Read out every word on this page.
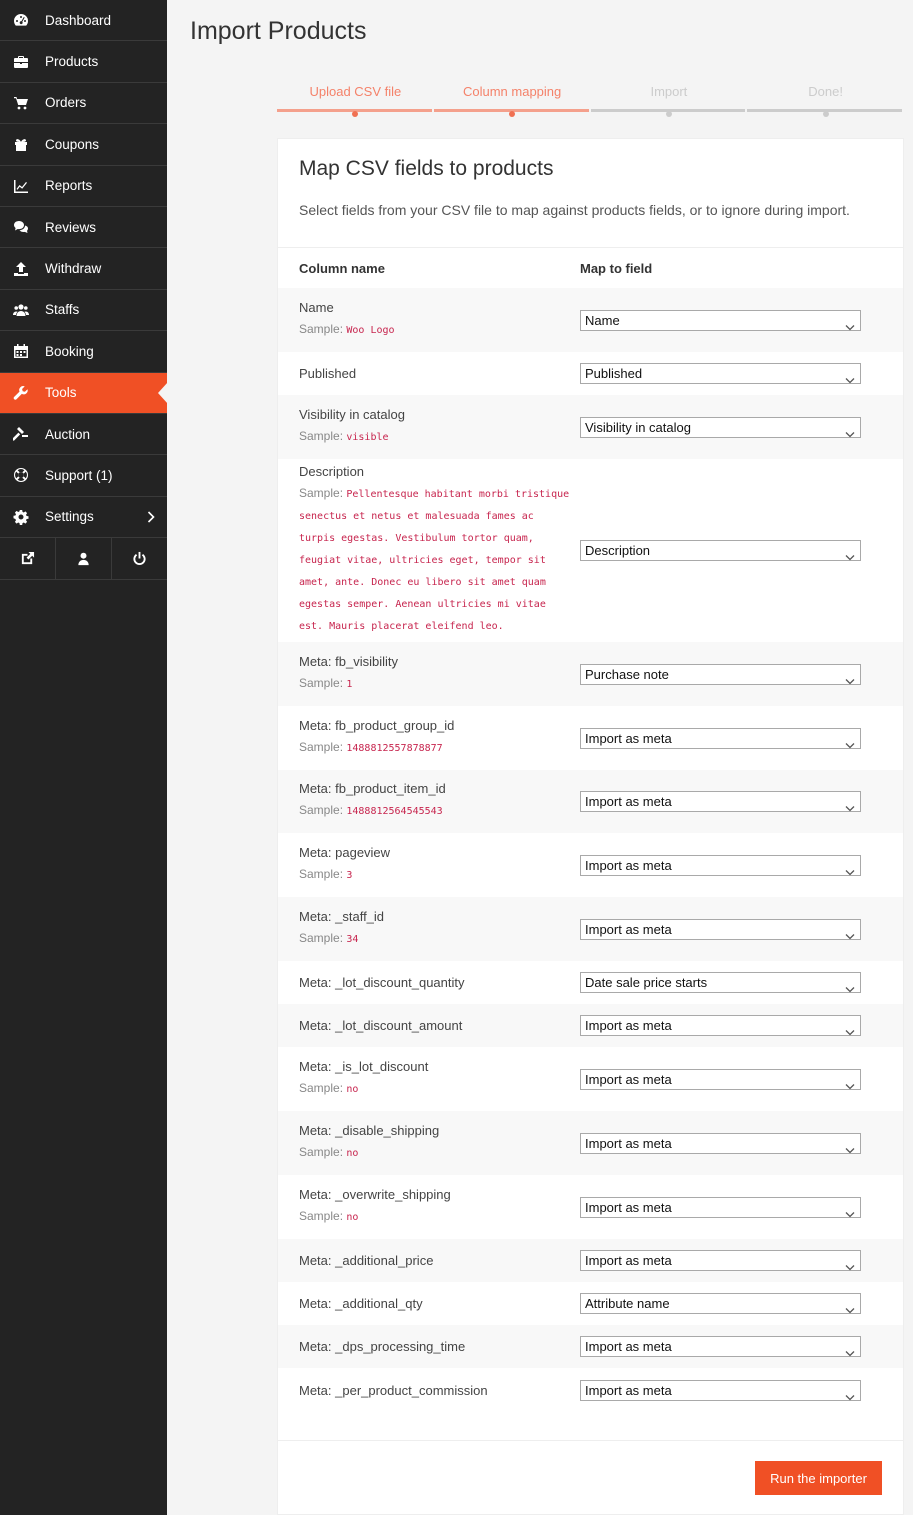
Dashboard
Products
Orders
Coupons
Reports
Reviews
Withdraw
Staffs
Booking
Tools
Auction
Support (1)
Settings
Import Products
Upload CSV file	Column mapping	Import	Done!
Map CSV fields to products

Select fields from your CSV file to map against products fields, or to ignore during import.

Column name	Map to field

Name
Sample: Woo Logo	Name

Published	Published

Visibility in catalog
Sample: visible	Visibility in catalog

Description
Sample: Pellentesque habitant morbi tristique senectus et netus et malesuada fames ac turpis egestas. Vestibulum tortor quam, feugiat vitae, ultricies eget, tempor sit amet, ante. Donec eu libero sit amet quam egestas semper. Aenean ultricies mi vitae est. Mauris placerat eleifend leo.	Description

Meta: fb_visibility
Sample: 1	Purchase note

Meta: fb_product_group_id
Sample: 1488812557878877	Import as meta

Meta: fb_product_item_id
Sample: 1488812564545543	Import as meta

Meta: pageview
Sample: 3	Import as meta

Meta: _staff_id
Sample: 34	Import as meta

Meta: _lot_discount_quantity	Date sale price starts

Meta: _lot_discount_amount	Import as meta

Meta: _is_lot_discount
Sample: no	Import as meta

Meta: _disable_shipping
Sample: no	Import as meta

Meta: _overwrite_shipping
Sample: no	Import as meta

Meta: _additional_price	Import as meta

Meta: _additional_qty	Attribute name

Meta: _dps_processing_time	Import as meta

Meta: _per_product_commission	Import as meta
Run the importer
